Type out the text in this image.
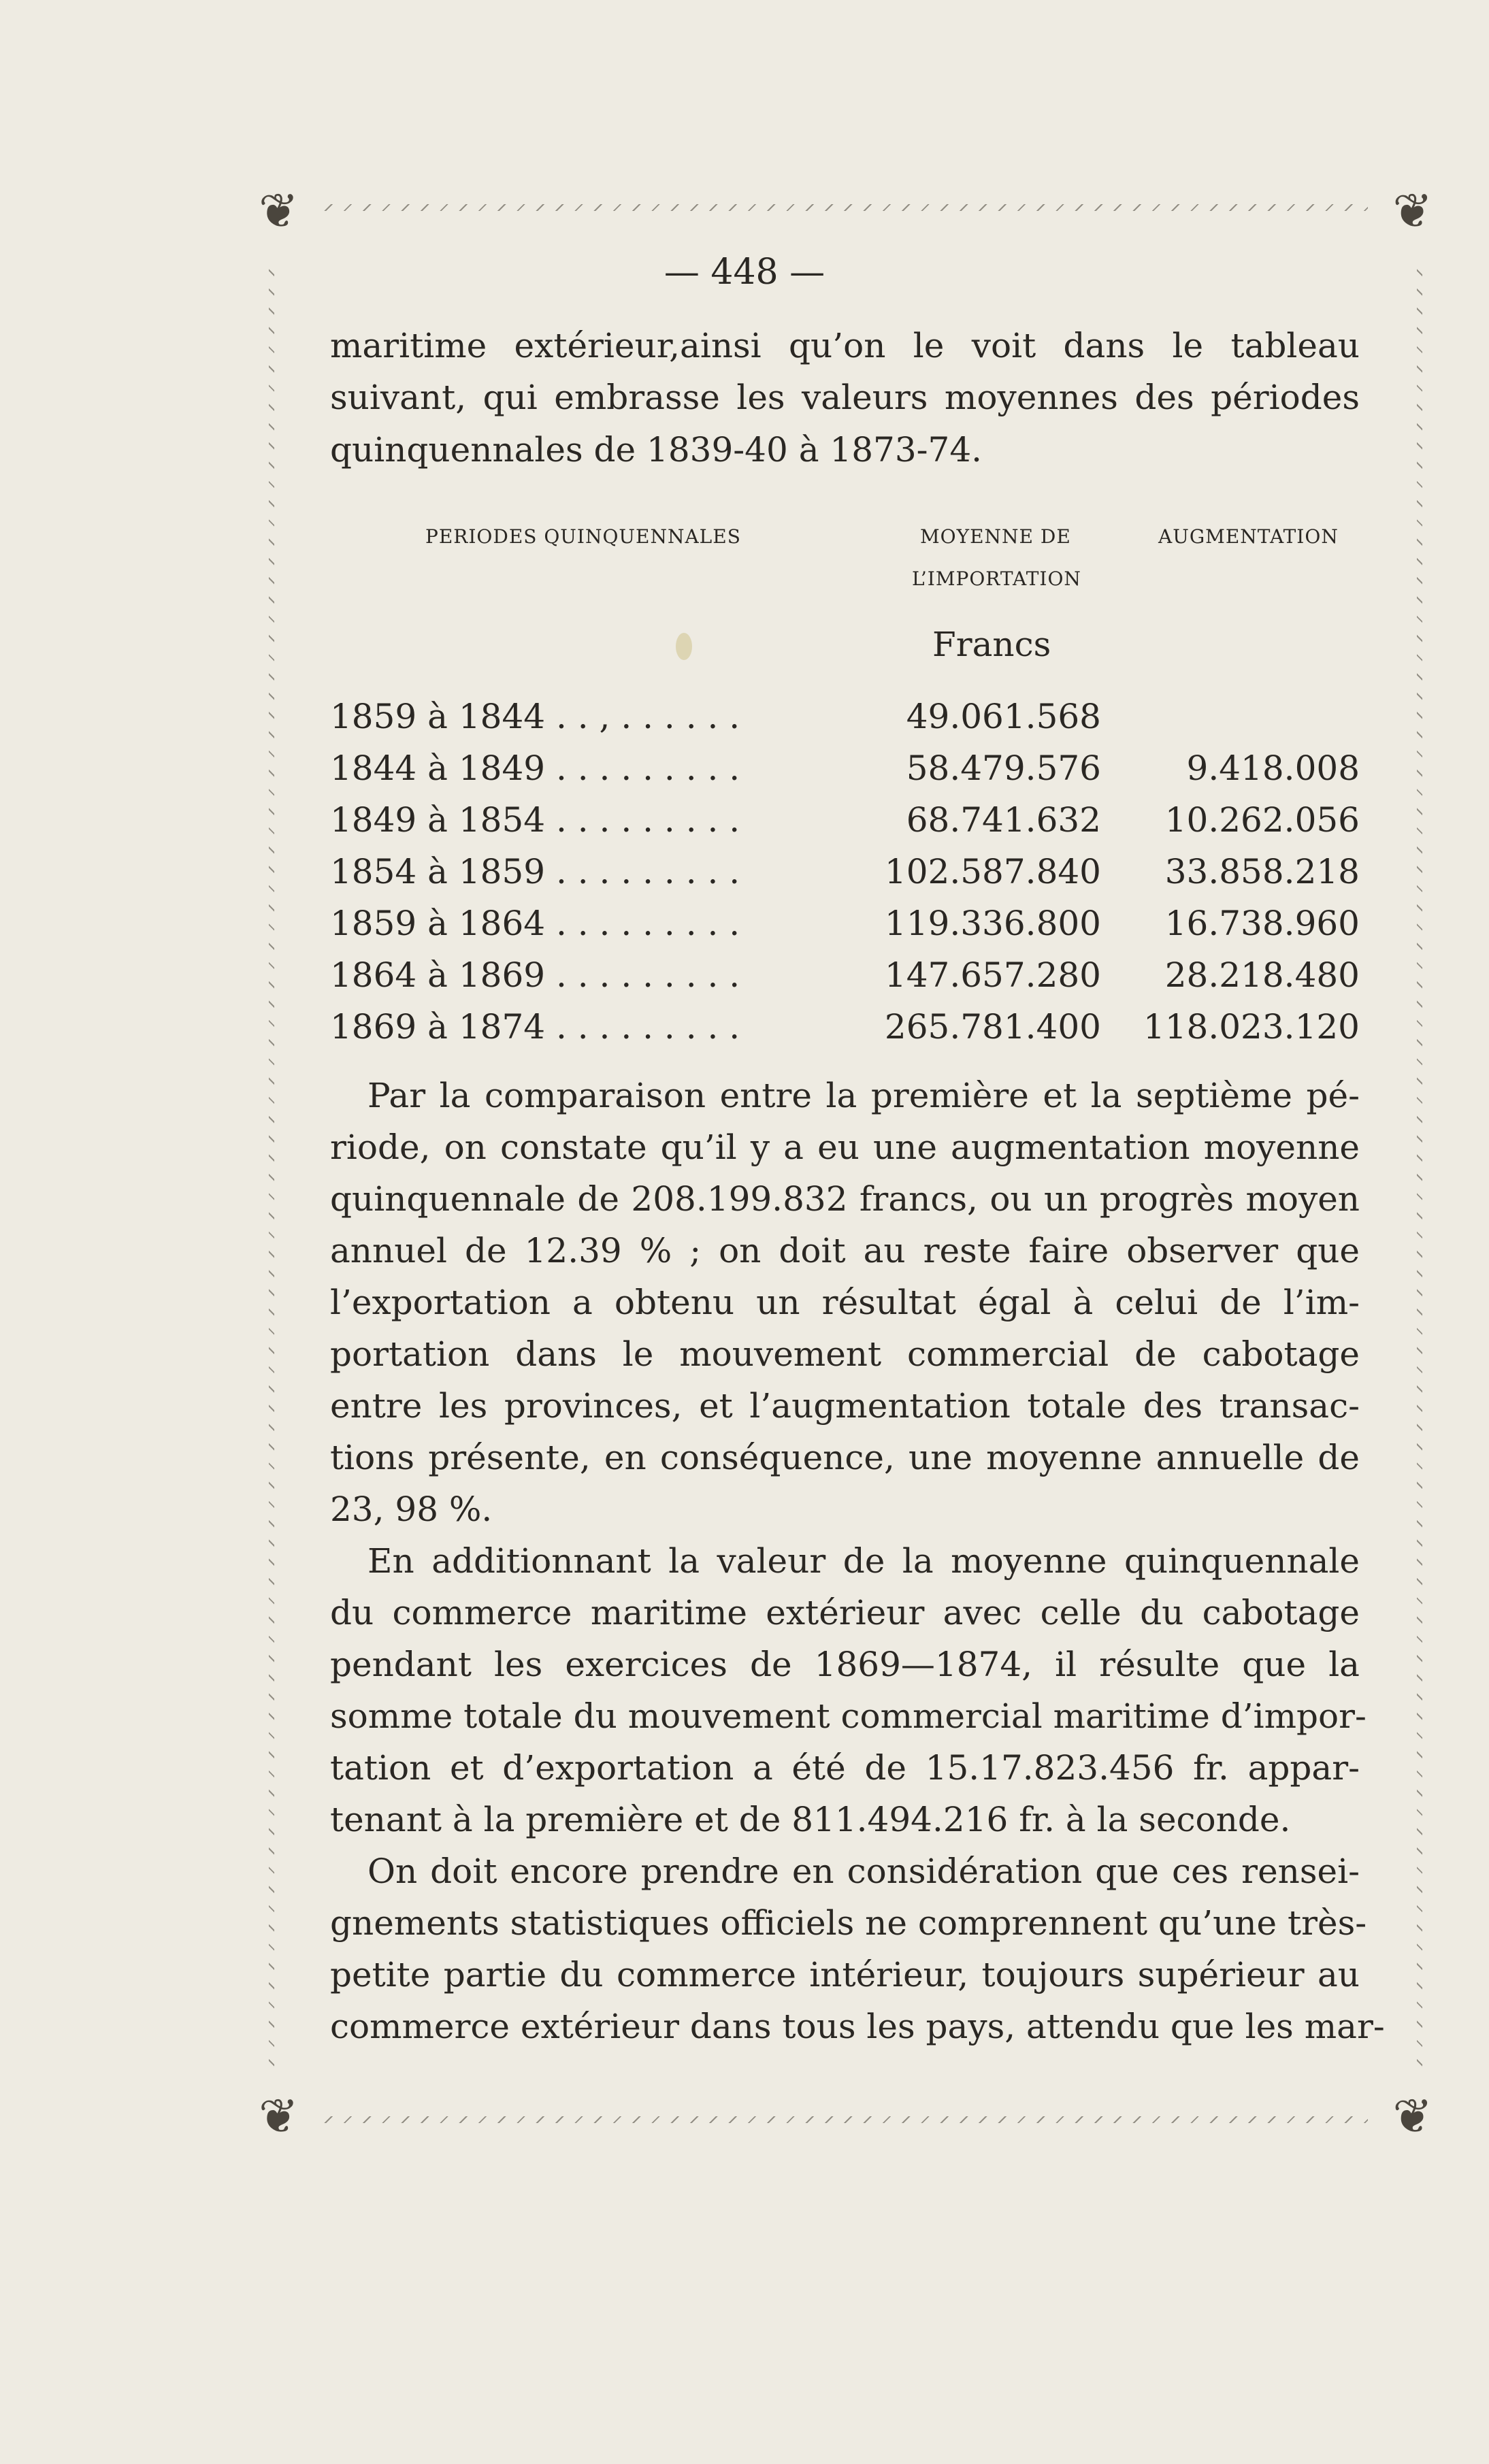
❦	❦
❦	❦
— 448 —
maritime extérieur,ainsi qu’on le voit dans le tableau
suivant, qui embrasse les valeurs moyennes des périodes
quinquennales de 1839-40 à 1873-74.
PERIODES QUINQUENNALES	MOYENNE DE
L’IMPORTATION
AUGMENTATION
Francs
1859 à 1844 . . , . . . . . .	49.061.568
1844 à 1849 . . . . . . . . .	58.479.576	9.418.008
1849 à 1854 . . . . . . . . .	68.741.632 10.262.056
1854 à 1859 . . . . . . . . .	102.587.840 33.858.218
1859 à 1864 . . . . . . . . .	119.336.800 16.738.960
1864 à 1869 . . . . . . . . .	147.657.280 28.218.480
1869 à 1874 . . . . . . . . .	265.781.400 118.023.120
Par la comparaison entre la première et la septième pé-
riode, on constate qu’il y a eu une augmentation moyenne
quinquennale de 208.199.832 francs, ou un progrès moyen
annuel de 12.39 % ; on doit au reste faire observer que
l’exportation a obtenu un résultat égal à celui de l’im-
portation dans le mouvement commercial de cabotage
entre les provinces, et l’augmentation totale des transac-
tions présente, en conséquence, une moyenne annuelle de
23, 98 %.
En additionnant la valeur de la moyenne quinquennale
du commerce maritime extérieur avec celle du cabotage
pendant les exercices de 1869—1874, il résulte que la
somme totale du mouvement commercial maritime d’impor-
tation et d’exportation a été de 15.17.823.456 fr. appar-
tenant à la première et de 811.494.216 fr. à la seconde.
On doit encore prendre en considération que ces rensei-
gnements statistiques officiels ne comprennent qu’une très-
petite partie du commerce intérieur, toujours supérieur au
commerce extérieur dans tous les pays, attendu que les mar-
